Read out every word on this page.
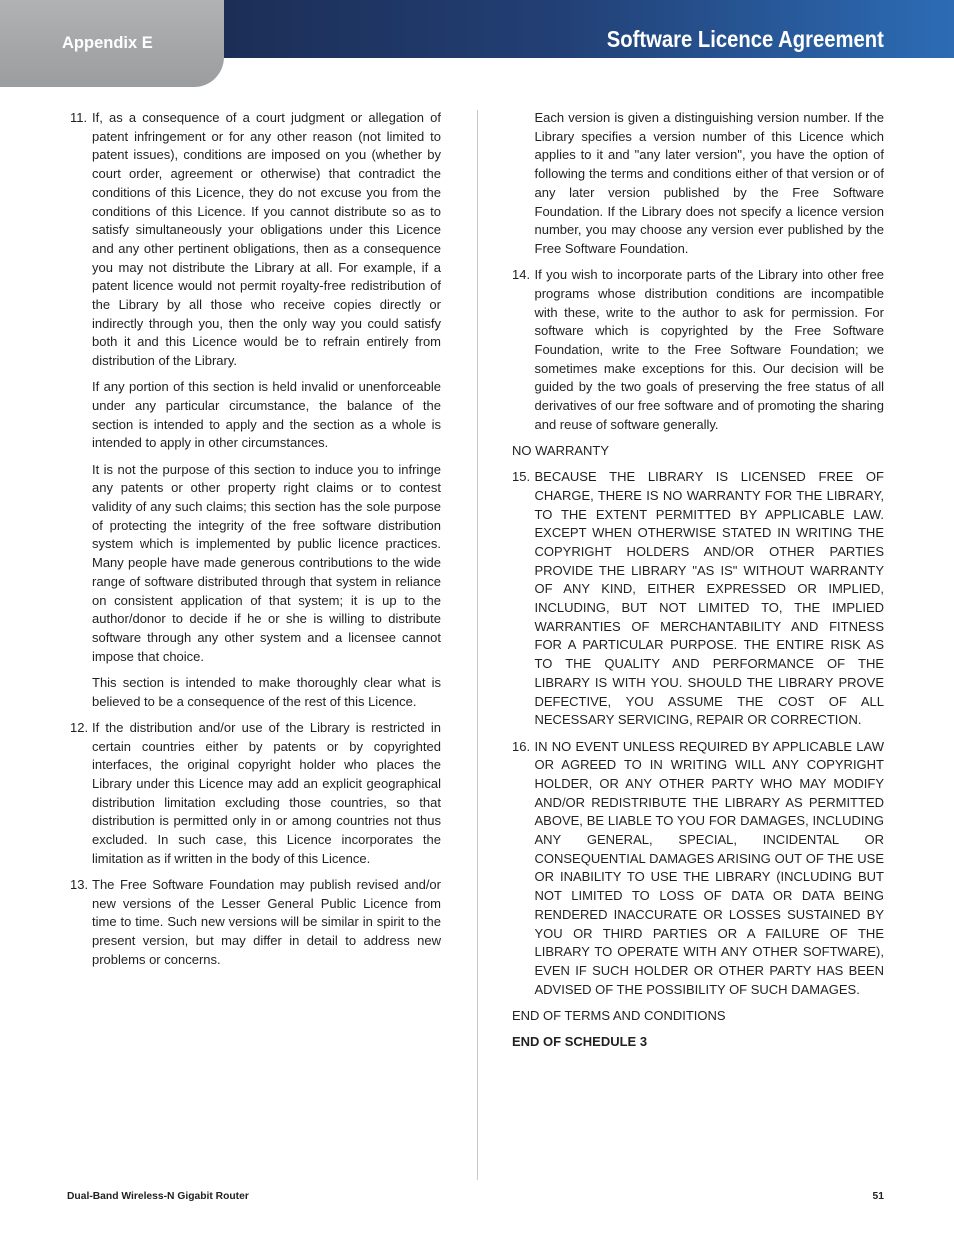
Appendix E	Software Licence Agreement
11. If, as a consequence of a court judgment or allegation of patent infringement or for any other reason (not limited to patent issues), conditions are imposed on you (whether by court order, agreement or otherwise) that contradict the conditions of this Licence, they do not excuse you from the conditions of this Licence. If you cannot distribute so as to satisfy simultaneously your obligations under this Licence and any other pertinent obligations, then as a consequence you may not distribute the Library at all. For example, if a patent licence would not permit royalty-free redistribution of the Library by all those who receive copies directly or indirectly through you, then the only way you could satisfy both it and this Licence would be to refrain entirely from distribution of the Library.

If any portion of this section is held invalid or unenforceable under any particular circumstance, the balance of the section is intended to apply and the section as a whole is intended to apply in other circumstances.

It is not the purpose of this section to induce you to infringe any patents or other property right claims or to contest validity of any such claims; this section has the sole purpose of protecting the integrity of the free software distribution system which is implemented by public licence practices. Many people have made generous contributions to the wide range of software distributed through that system in reliance on consistent application of that system; it is up to the author/donor to decide if he or she is willing to distribute software through any other system and a licensee cannot impose that choice.

This section is intended to make thoroughly clear what is believed to be a consequence of the rest of this Licence.

12. If the distribution and/or use of the Library is restricted in certain countries either by patents or by copyrighted interfaces, the original copyright holder who places the Library under this Licence may add an explicit geographical distribution limitation excluding those countries, so that distribution is permitted only in or among countries not thus excluded. In such case, this Licence incorporates the limitation as if written in the body of this Licence.

13. The Free Software Foundation may publish revised and/or new versions of the Lesser General Public Licence from time to time. Such new versions will be similar in spirit to the present version, but may differ in detail to address new problems or concerns.

Each version is given a distinguishing version number. If the Library specifies a version number of this Licence which applies to it and "any later version", you have the option of following the terms and conditions either of that version or of any later version published by the Free Software Foundation. If the Library does not specify a licence version number, you may choose any version ever published by the Free Software Foundation.

14. If you wish to incorporate parts of the Library into other free programs whose distribution conditions are incompatible with these, write to the author to ask for permission. For software which is copyrighted by the Free Software Foundation, write to the Free Software Foundation; we sometimes make exceptions for this. Our decision will be guided by the two goals of preserving the free status of all derivatives of our free software and of promoting the sharing and reuse of software generally.

NO WARRANTY

15. BECAUSE THE LIBRARY IS LICENSED FREE OF CHARGE, THERE IS NO WARRANTY FOR THE LIBRARY, TO THE EXTENT PERMITTED BY APPLICABLE LAW. EXCEPT WHEN OTHERWISE STATED IN WRITING THE COPYRIGHT HOLDERS AND/OR OTHER PARTIES PROVIDE THE LIBRARY "AS IS" WITHOUT WARRANTY OF ANY KIND, EITHER EXPRESSED OR IMPLIED, INCLUDING, BUT NOT LIMITED TO, THE IMPLIED WARRANTIES OF MERCHANTABILITY AND FITNESS FOR A PARTICULAR PURPOSE. THE ENTIRE RISK AS TO THE QUALITY AND PERFORMANCE OF THE LIBRARY IS WITH YOU. SHOULD THE LIBRARY PROVE DEFECTIVE, YOU ASSUME THE COST OF ALL NECESSARY SERVICING, REPAIR OR CORRECTION.

16. IN NO EVENT UNLESS REQUIRED BY APPLICABLE LAW OR AGREED TO IN WRITING WILL ANY COPYRIGHT HOLDER, OR ANY OTHER PARTY WHO MAY MODIFY AND/OR REDISTRIBUTE THE LIBRARY AS PERMITTED ABOVE, BE LIABLE TO YOU FOR DAMAGES, INCLUDING ANY GENERAL, SPECIAL, INCIDENTAL OR CONSEQUENTIAL DAMAGES ARISING OUT OF THE USE OR INABILITY TO USE THE LIBRARY (INCLUDING BUT NOT LIMITED TO LOSS OF DATA OR DATA BEING RENDERED INACCURATE OR LOSSES SUSTAINED BY YOU OR THIRD PARTIES OR A FAILURE OF THE LIBRARY TO OPERATE WITH ANY OTHER SOFTWARE), EVEN IF SUCH HOLDER OR OTHER PARTY HAS BEEN ADVISED OF THE POSSIBILITY OF SUCH DAMAGES.

END OF TERMS AND CONDITIONS

END OF SCHEDULE 3

Dual-Band Wireless-N Gigabit Router	51
